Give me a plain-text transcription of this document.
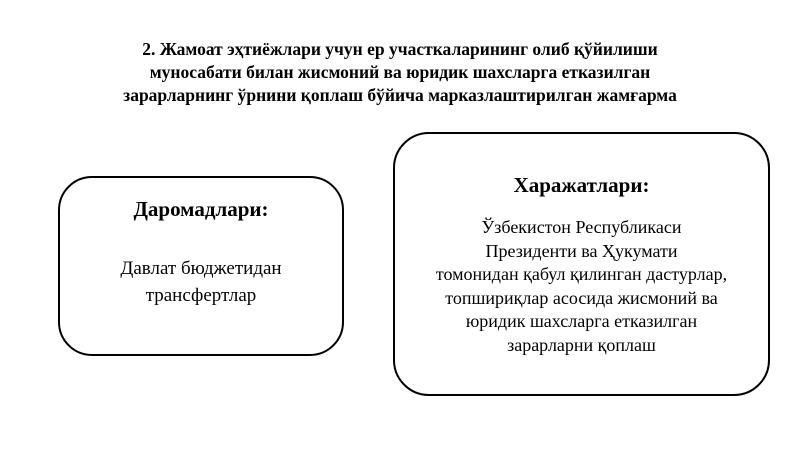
2. Жамоат эҳтиёжлари учун ер участкаларининг олиб қўйилиши
муносабати билан жисмоний ва юридик шахсларга етказилган
зарарларнинг ўрнини қоплаш бўйича марказлаштирилган жамғарма
Даромадлари:
Давлат бюджетидан
трансфертлар
Харажатлари:
Ўзбекистон Республикаси
Президенти ва Ҳукумати
томонидан қабул қилинган дастурлар,
топшириқлар асосида жисмоний ва
юридик шахсларга етказилган
зарарларни қоплаш
